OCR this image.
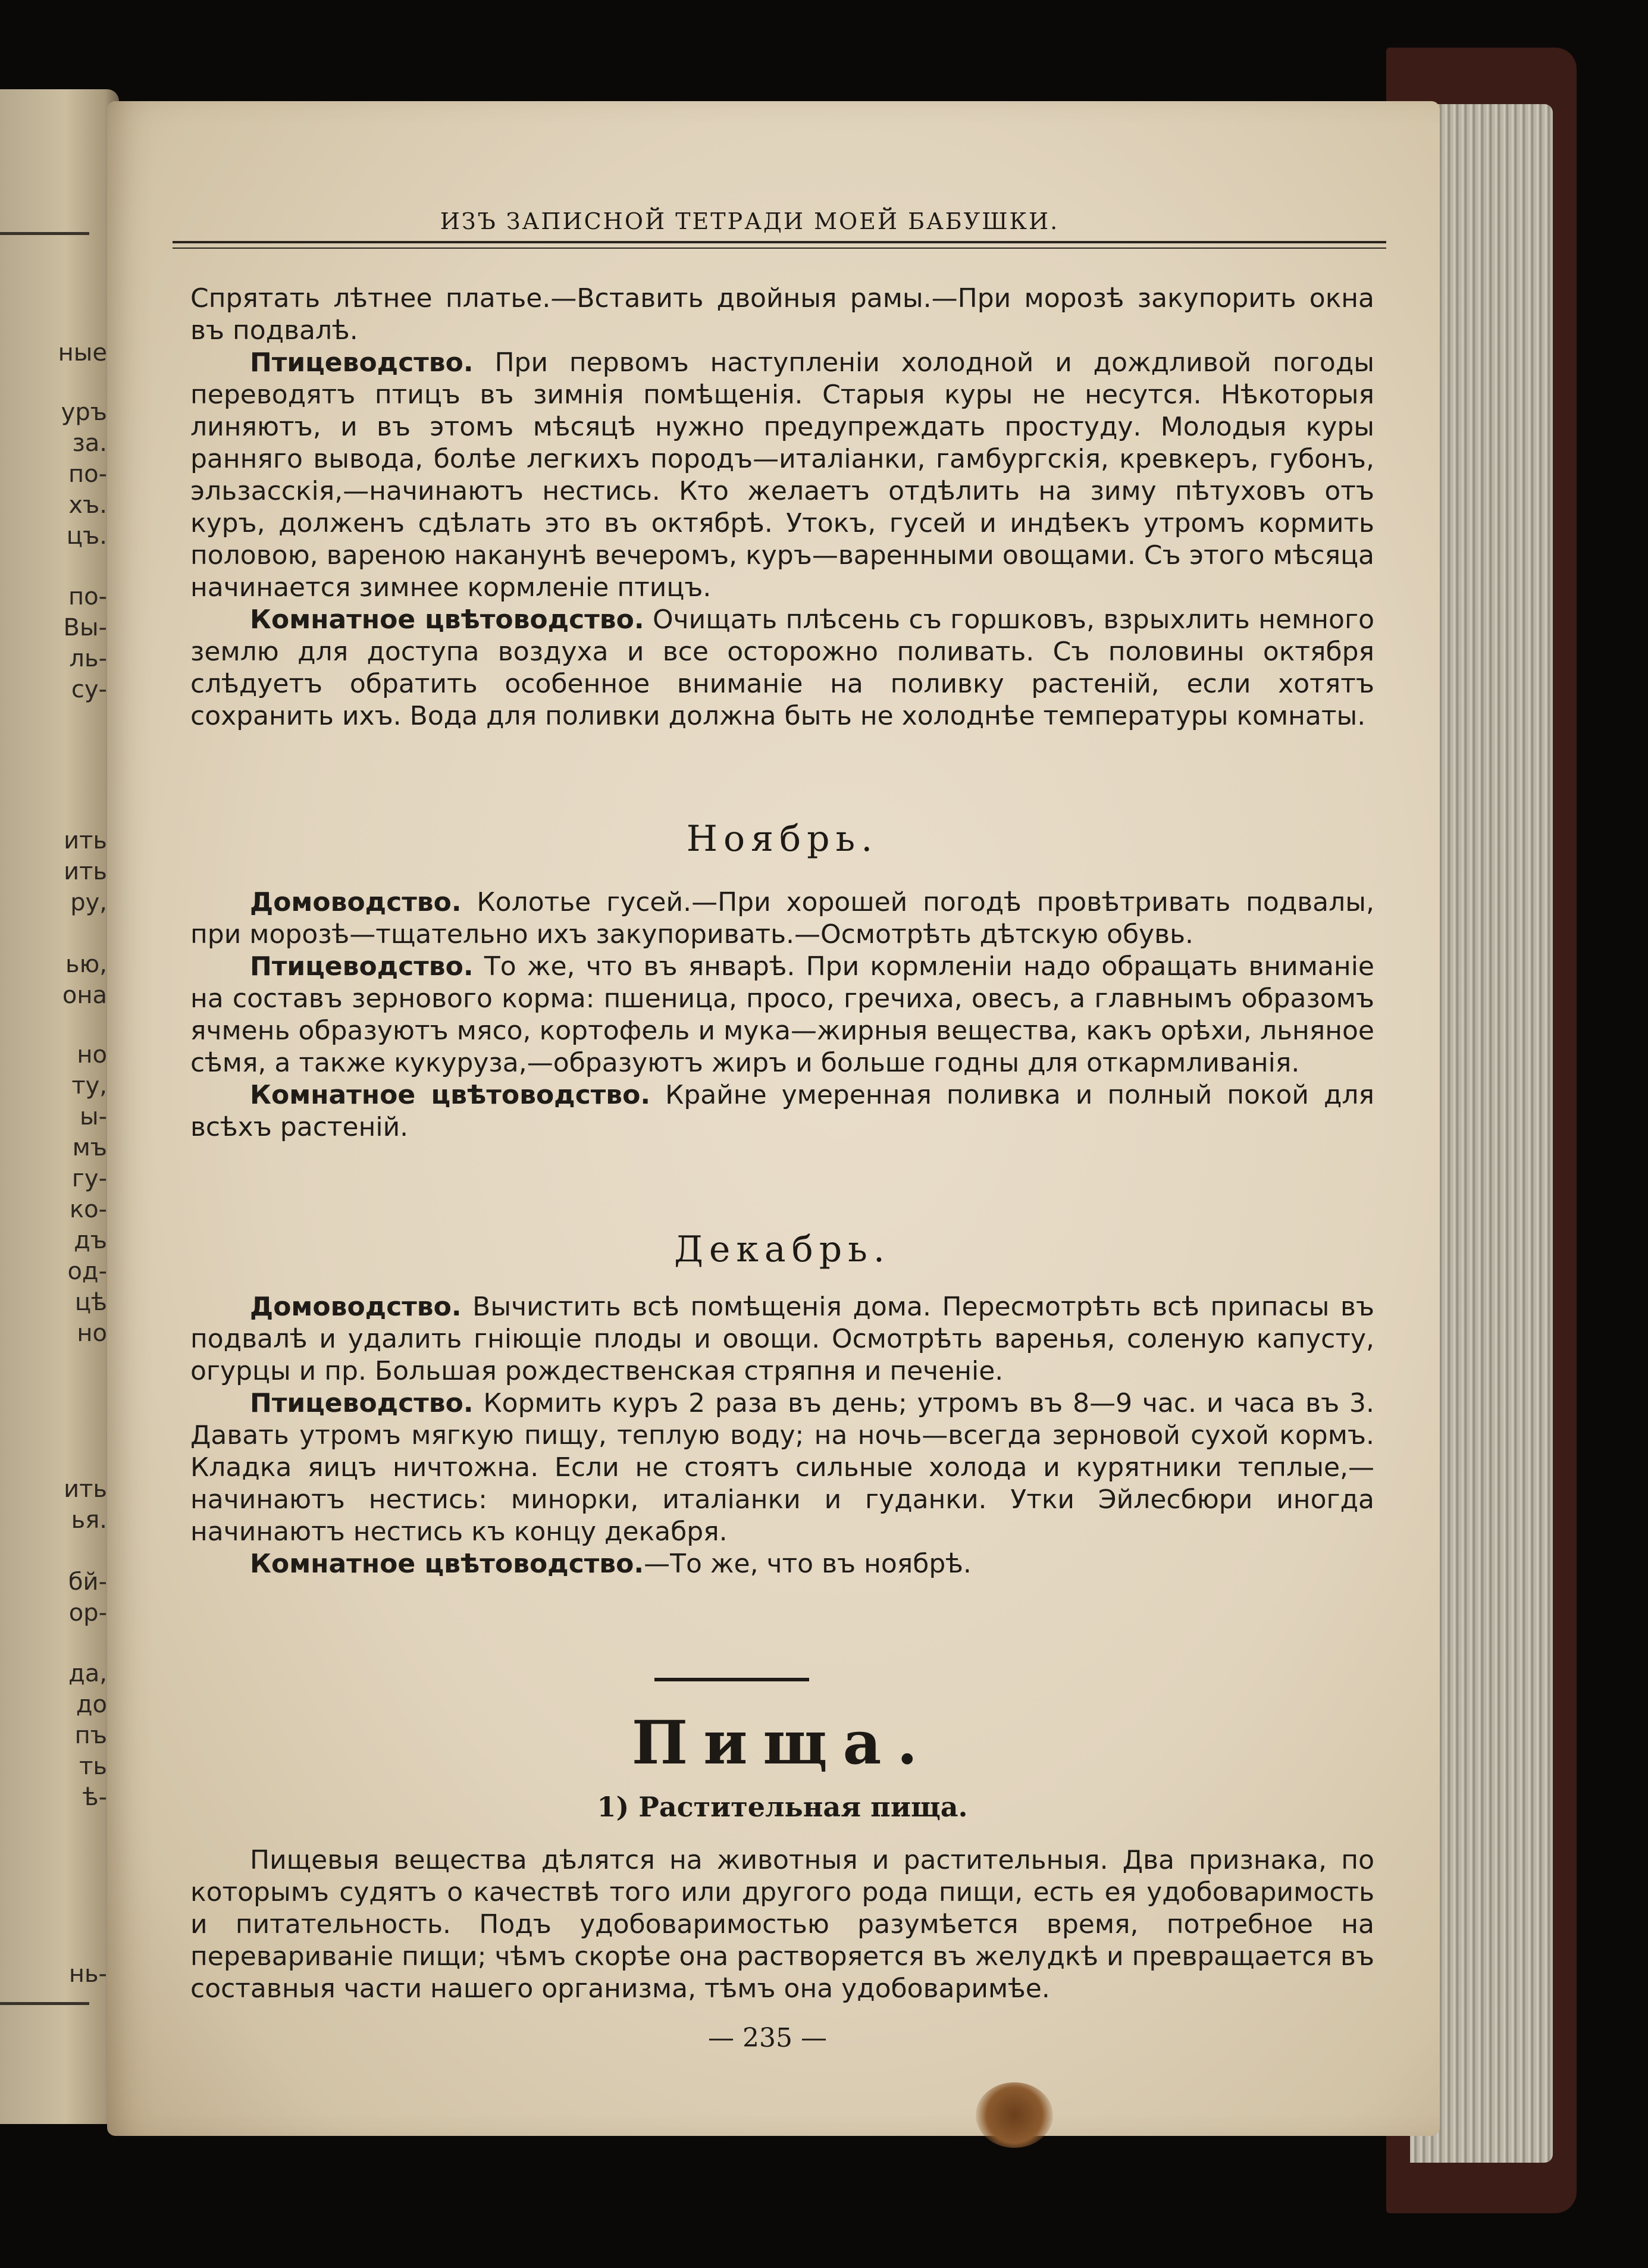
ные
уръ
за.
по-
хъ.
цъ.
по-
Вы-
ль-
су-
ить
ить
ру,
ью,
она
но
ту,
ы-
мъ
гу-
ко-
дъ
од-
цѣ
но
ить
ья.
бй-
ор-
да,
до
пъ
ть
ѣ-
нь-
ИЗЪ ЗАПИСНОЙ ТЕТРАДИ МОЕЙ БАБУШКИ.

Спрятать лѣтнее платье.—Вставить двойныя рамы.—При морозѣ закупорить окна въ подвалѣ.

Птицеводство. При первомъ наступленіи холодной и дождливой погоды переводятъ птицъ въ зимнія помѣщенія. Старыя куры не несутся. Нѣкоторыя линяютъ, и въ этомъ мѣсяцѣ нужно предупреждать простуду. Молодыя куры ранняго вывода, болѣе легкихъ породъ—италіанки, гамбургскія, кревкеръ, губонъ, эльзасскія,—начинаютъ нестись. Кто желаетъ отдѣлить на зиму пѣтуховъ отъ куръ, долженъ сдѣлать это въ октябрѣ. Утокъ, гусей и индѣекъ утромъ кормить половою, вареною наканунѣ вечеромъ, куръ—варенными овощами. Съ этого мѣсяца начинается зимнее кормленіе птицъ.

Комнатное цвѣтоводство. Очищать плѣсень съ горшковъ, взрыхлить немного землю для доступа воздуха и все осторожно поливать. Съ половины октября слѣдуетъ обратить особенное вниманіе на поливку растеній, если хотятъ сохранить ихъ. Вода для поливки должна быть не холоднѣе температуры комнаты.

Ноябрь.

Домоводство. Колотье гусей.—При хорошей погодѣ провѣтривать подвалы, при морозѣ—тщательно ихъ закупоривать.—Осмотрѣть дѣтскую обувь.

Птицеводство. То же, что въ январѣ. При кормленіи надо обращать вниманіе на составъ зернового корма: пшеница, просо, гречиха, овесъ, а главнымъ образомъ ячмень образуютъ мясо, кортофель и мука—жирныя вещества, какъ орѣхи, льняное сѣмя, а также кукуруза,—образуютъ жиръ и больше годны для откармливанія.

Комнатное цвѣтоводство. Крайне умеренная поливка и полный покой для всѣхъ растеній.

Декабрь.

Домоводство. Вычистить всѣ помѣщенія дома. Пересмотрѣть всѣ припасы въ подвалѣ и удалить гніющіе плоды и овощи. Осмотрѣть варенья, соленую капусту, огурцы и пр. Большая рождественская стряпня и печеніе.

Птицеводство. Кормить куръ 2 раза въ день; утромъ въ 8—9 час. и часа въ 3. Давать утромъ мягкую пищу, теплую воду; на ночь—всегда зерновой сухой кормъ. Кладка яицъ ничтожна. Если не стоятъ сильные холода и курятники теплые,—начинаютъ нестись: минорки, италіанки и гуданки. Утки Эйлесбюри иногда начинаютъ нестись къ концу декабря.

Комнатное цвѣтоводство.—То же, что въ ноябрѣ.

Пища.
1) Растительная пища.

Пищевыя вещества дѣлятся на животныя и растительныя. Два признака, по которымъ судятъ о качествѣ того или другого рода пищи, есть ея удобоваримость и питательность. Подъ удобоваримостью разумѣется время, потребное на перевариваніе пищи; чѣмъ скорѣе она растворяется въ желудкѣ и превращается въ составныя части нашего организма, тѣмъ она удобоваримѣе.

— 235 —
